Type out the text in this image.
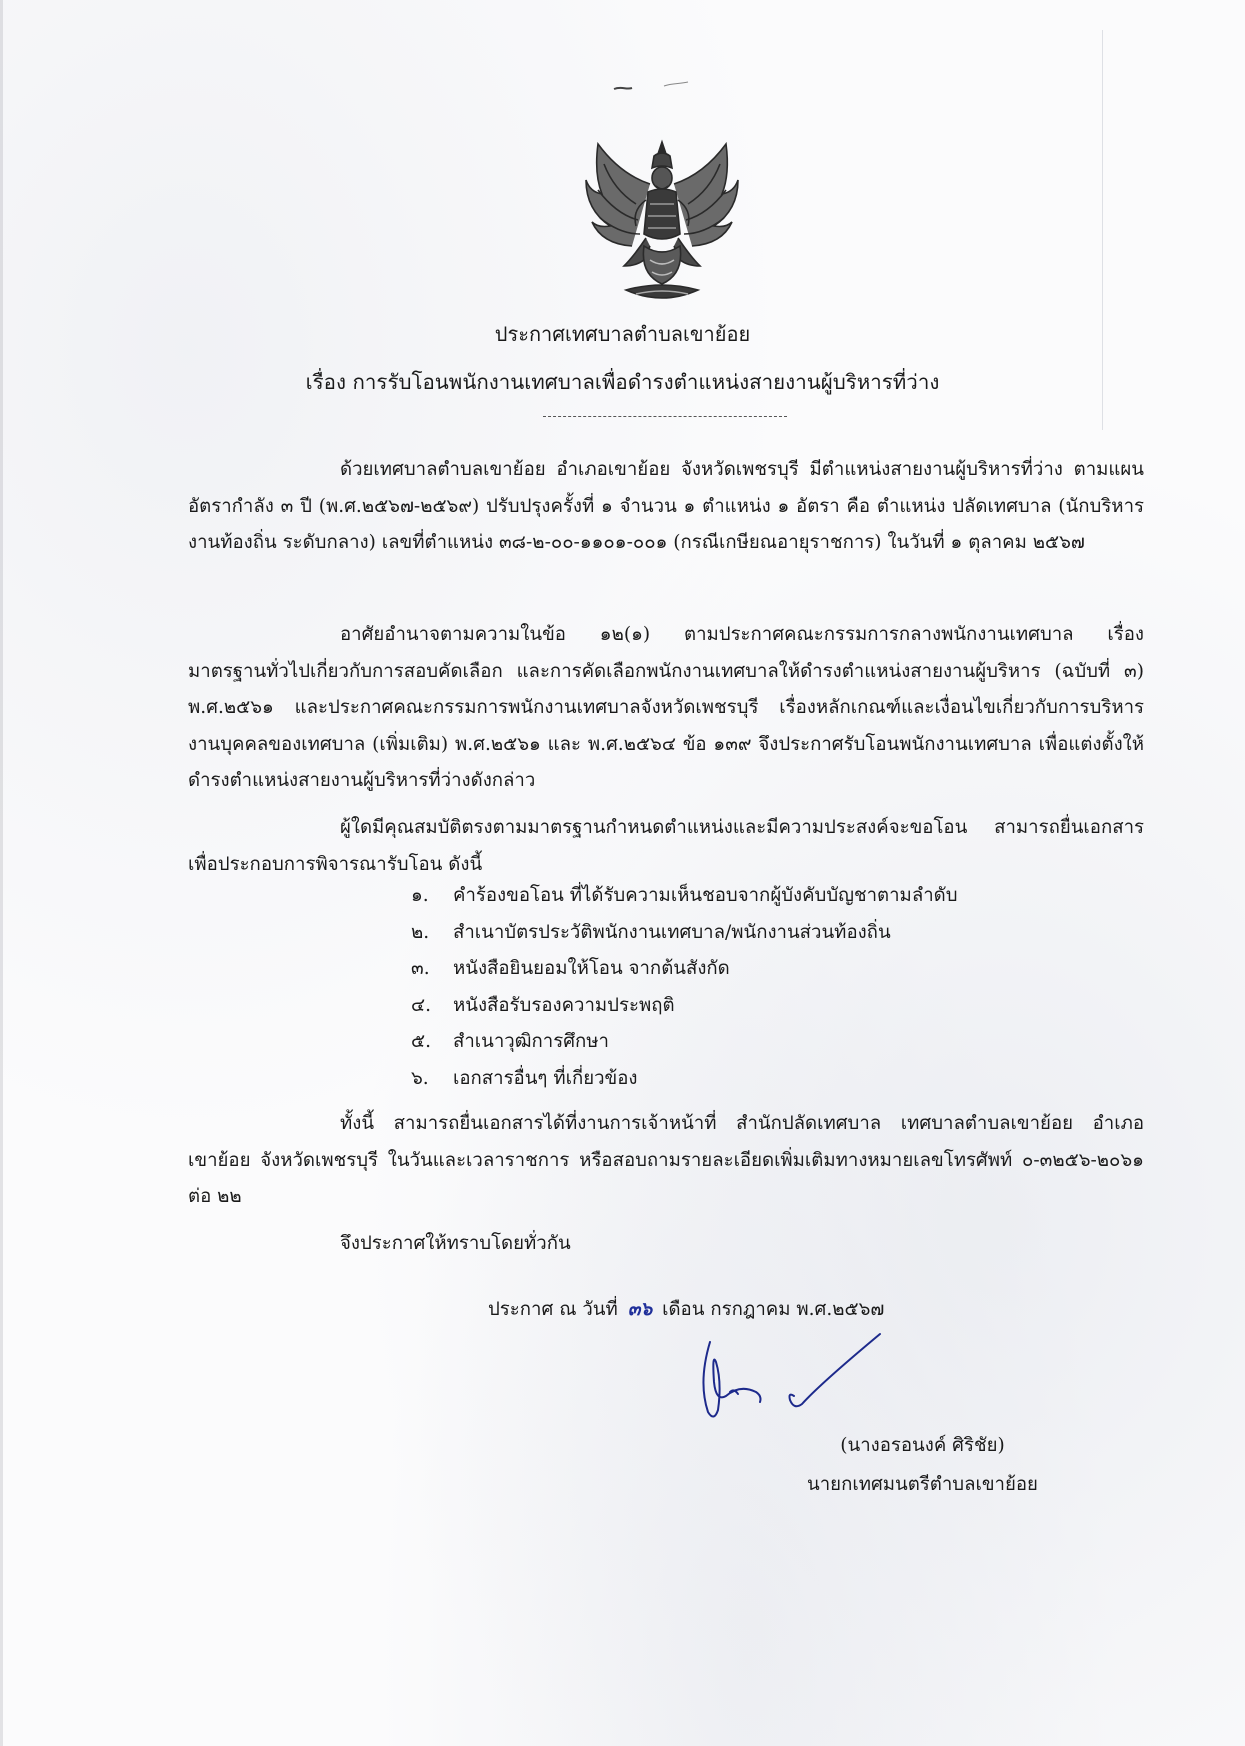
ประกาศเทศบาลตำบลเขาย้อย
เรื่อง การรับโอนพนักงานเทศบาลเพื่อดำรงตำแหน่งสายงานผู้บริหารที่ว่าง

ด้วยเทศบาลตำบลเขาย้อย อำเภอเขาย้อย จังหวัดเพชรบุรี มีตำแหน่งสายงานผู้บริหารที่ว่าง ตามแผนอัตรากำลัง ๓ ปี (พ.ศ.๒๕๖๗-๒๕๖๙) ปรับปรุงครั้งที่ ๑ จำนวน ๑ ตำแหน่ง ๑ อัตรา คือ ตำแหน่ง ปลัดเทศบาล (นักบริหารงานท้องถิ่น ระดับกลาง) เลขที่ตำแหน่ง ๓๘-๒-๐๐-๑๑๐๑-๐๐๑ (กรณีเกษียณอายุราชการ) ในวันที่ ๑ ตุลาคม ๒๕๖๗

อาศัยอำนาจตามความในข้อ ๑๒(๑) ตามประกาศคณะกรรมการกลางพนักงานเทศบาล เรื่อง มาตรฐานทั่วไปเกี่ยวกับการสอบคัดเลือก และการคัดเลือกพนักงานเทศบาลให้ดำรงตำแหน่งสายงานผู้บริหาร (ฉบับที่ ๓) พ.ศ.๒๕๖๑ และประกาศคณะกรรมการพนักงานเทศบาลจังหวัดเพชรบุรี เรื่องหลักเกณฑ์และเงื่อนไขเกี่ยวกับการบริหารงานบุคคลของเทศบาล (เพิ่มเติม) พ.ศ.๒๕๖๑ และ พ.ศ.๒๕๖๔ ข้อ ๑๓๙ จึงประกาศรับโอนพนักงานเทศบาล เพื่อแต่งตั้งให้ดำรงตำแหน่งสายงานผู้บริหารที่ว่างดังกล่าว

ผู้ใดมีคุณสมบัติตรงตามมาตรฐานกำหนดตำแหน่งและมีความประสงค์จะขอโอน สามารถยื่นเอกสารเพื่อประกอบการพิจารณารับโอน ดังนี้

๑. คำร้องขอโอน ที่ได้รับความเห็นชอบจากผู้บังคับบัญชาตามลำดับ
๒. สำเนาบัตรประวัติพนักงานเทศบาล/พนักงานส่วนท้องถิ่น
๓. หนังสือยินยอมให้โอน จากต้นสังกัด
๔. หนังสือรับรองความประพฤติ
๕. สำเนาวุฒิการศึกษา
๖. เอกสารอื่นๆ ที่เกี่ยวข้อง

ทั้งนี้ สามารถยื่นเอกสารได้ที่งานการเจ้าหน้าที่ สำนักปลัดเทศบาล เทศบาลตำบลเขาย้อย อำเภอเขาย้อย จังหวัดเพชรบุรี ในวันและเวลาราชการ หรือสอบถามรายละเอียดเพิ่มเติมทางหมายเลขโทรศัพท์ ๐-๓๒๕๖-๒๐๖๑ ต่อ ๒๒

จึงประกาศให้ทราบโดยทั่วกัน
ประกาศ ณ วันที่ ๓๖ เดือน กรกฎาคม พ.ศ.๒๕๖๗
(นางอรอนงค์ ศิริชัย)
นายกเทศมนตรีตำบลเขาย้อย
